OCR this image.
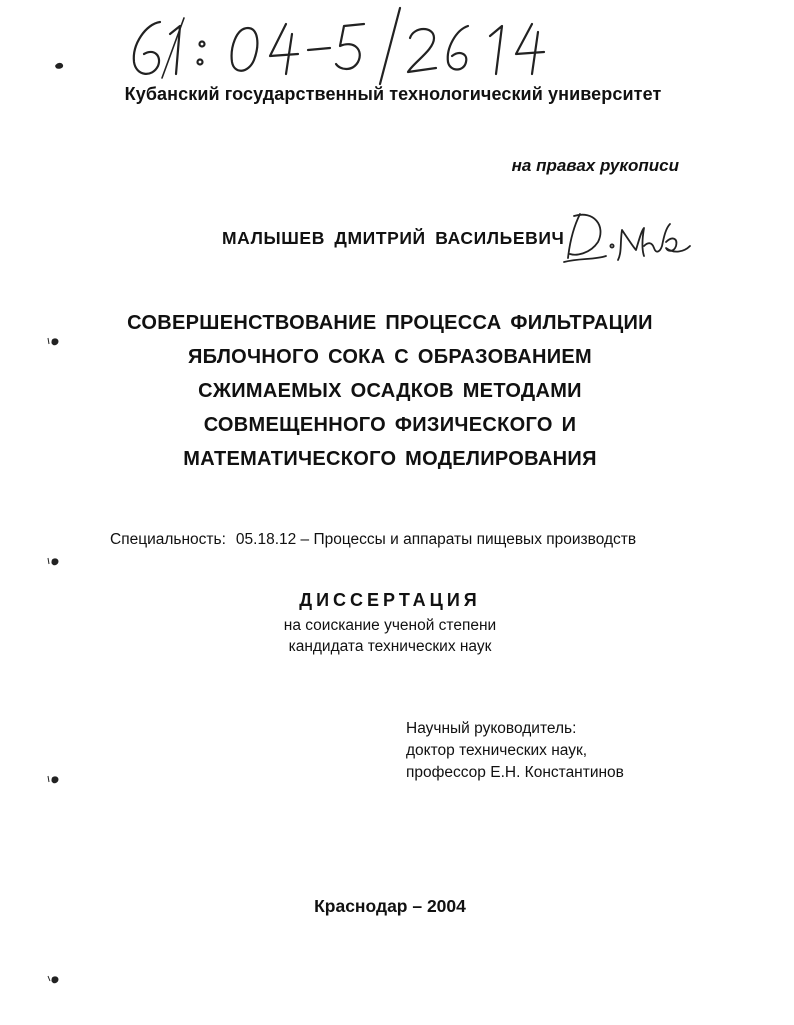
Кубанский государственный технологический университет
на правах рукописи
МАЛЫШЕВ ДМИТРИЙ ВАСИЛЬЕВИЧ
СОВЕРШЕНСТВОВАНИЕ ПРОЦЕССА ФИЛЬТРАЦИИ
ЯБЛОЧНОГО СОКА С ОБРАЗОВАНИЕМ
СЖИМАЕМЫХ ОСАДКОВ МЕТОДАМИ
СОВМЕЩЕННОГО ФИЗИЧЕСКОГО И
МАТЕМАТИЧЕСКОГО МОДЕЛИРОВАНИЯ
Специальность: 05.18.12 – Процессы и аппараты пищевых производств
ДИССЕРТАЦИЯ
на соискание ученой степени
кандидата технических наук
Научный руководитель:
доктор технических наук,
профессор Е.Н. Константинов
Краснодар – 2004
